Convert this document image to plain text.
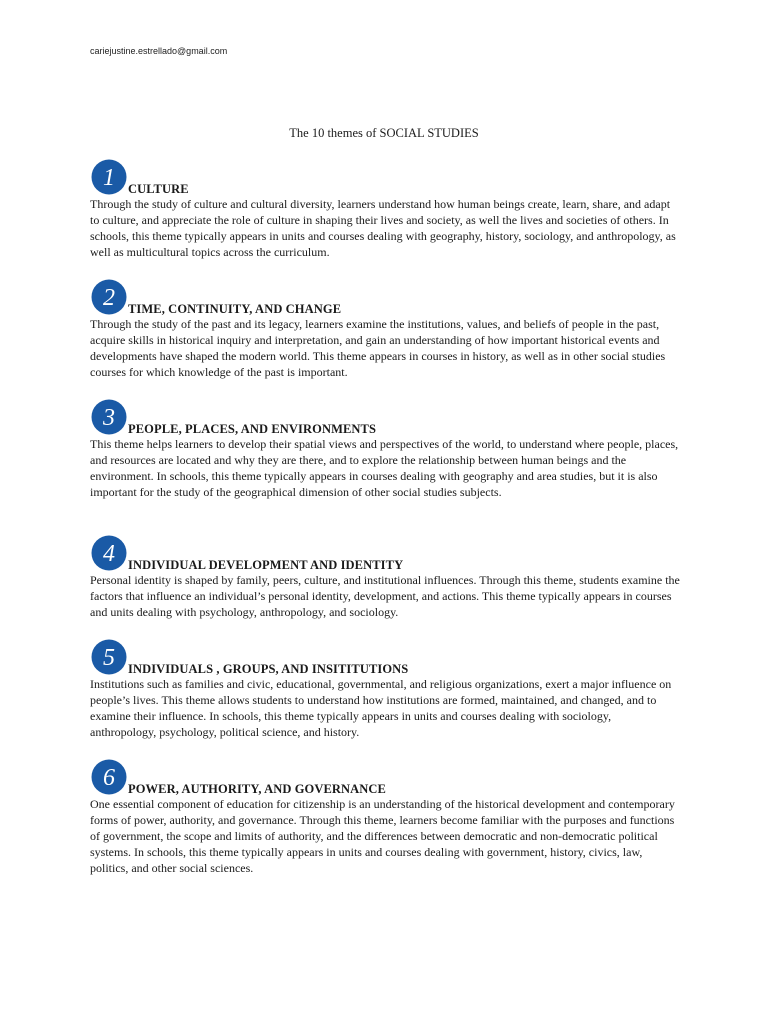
cariejustine.estrellado@gmail.com
The 10 themes of SOCIAL STUDIES
1 CULTURE

Through the study of culture and cultural diversity, learners understand how human beings create, learn, share, and adapt to culture, and appreciate the role of culture in shaping their lives and society, as well the lives and societies of others. In schools, this theme typically appears in units and courses dealing with geography, history, sociology, and anthropology, as well as multicultural topics across the curriculum.

2 TIME, CONTINUITY, AND CHANGE

Through the study of the past and its legacy, learners examine the institutions, values, and beliefs of people in the past, acquire skills in historical inquiry and interpretation, and gain an understanding of how important historical events and developments have shaped the modern world. This theme appears in courses in history, as well as in other social studies courses for which knowledge of the past is important.

3 PEOPLE, PLACES, AND ENVIRONMENTS

This theme helps learners to develop their spatial views and perspectives of the world, to understand where people, places, and resources are located and why they are there, and to explore the relationship between human beings and the environment. In schools, this theme typically appears in courses dealing with geography and area studies, but it is also important for the study of the geographical dimension of other social studies subjects.

4 INDIVIDUAL DEVELOPMENT AND IDENTITY

Personal identity is shaped by family, peers, culture, and institutional influences. Through this theme, students examine the factors that influence an individual’s personal identity, development, and actions. This theme typically appears in courses and units dealing with psychology, anthropology, and sociology.

5 INDIVIDUALS , GROUPS, AND INSITITUTIONS

Institutions such as families and civic, educational, governmental, and religious organizations, exert a major influence on people’s lives. This theme allows students to understand how institutions are formed, maintained, and changed, and to examine their influence. In schools, this theme typically appears in units and courses dealing with sociology, anthropology, psychology, political science, and history.

6 POWER, AUTHORITY, AND GOVERNANCE

One essential component of education for citizenship is an understanding of the historical development and contemporary forms of power, authority, and governance. Through this theme, learners become familiar with the purposes and functions of government, the scope and limits of authority, and the differences between democratic and non-democratic political systems. In schools, this theme typically appears in units and courses dealing with government, history, civics, law, politics, and other social sciences.
